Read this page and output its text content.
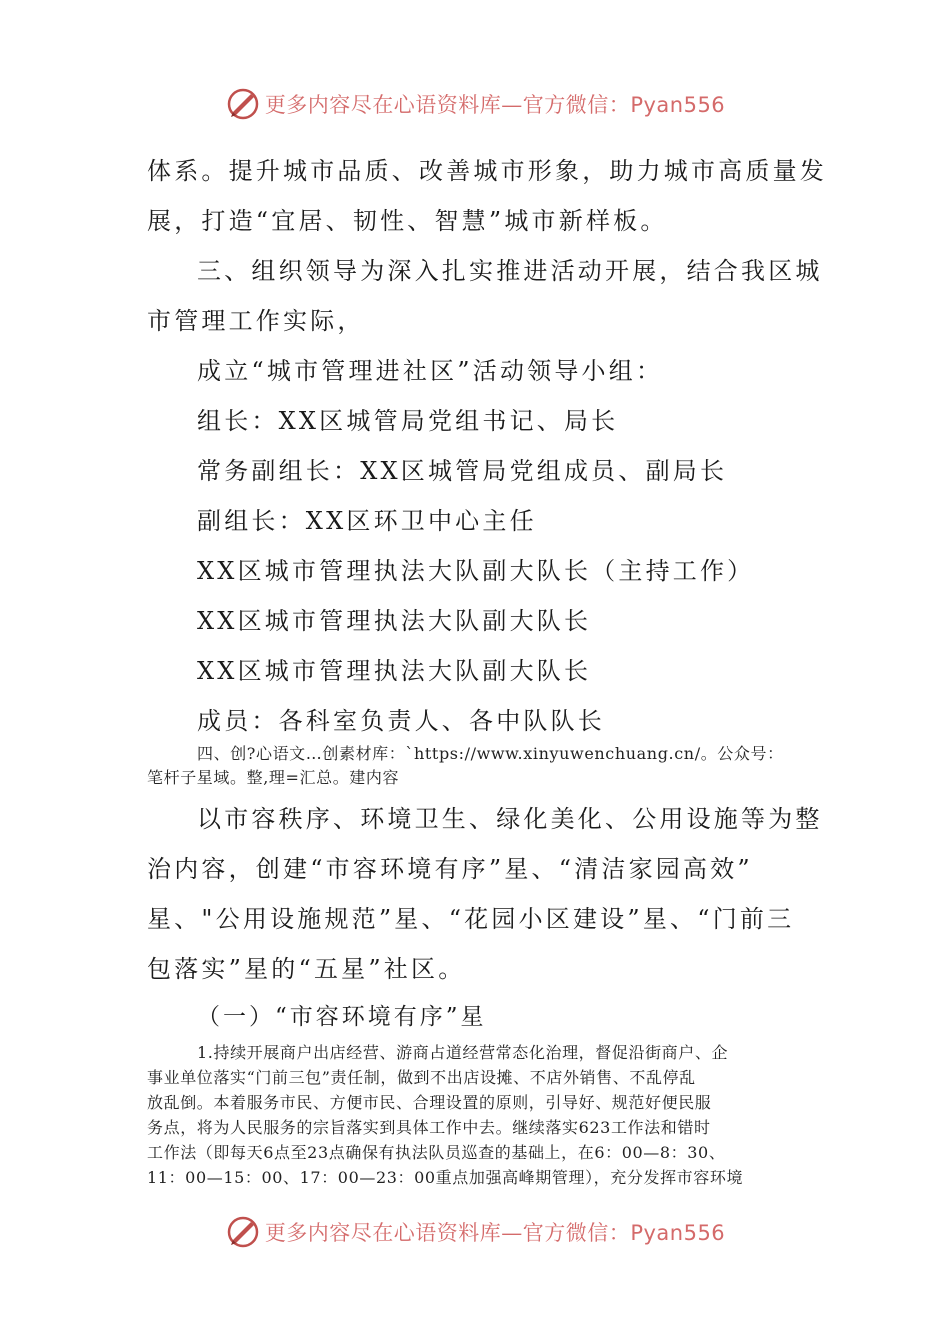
更多内容尽在心语资料库—官方微信：Pyan556
体系。提升城市品质、改善城市形象，助力城市高质量发
展，打造“宜居、韧性、智慧”城市新样板。
三、组织领导为深入扎实推进活动开展，结合我区城
市管理工作实际，
成立“城市管理进社区”活动领导小组：
组长：XX区城管局党组书记、局长
常务副组长：XX区城管局党组成员、副局长
副组长：XX区环卫中心主任
XX区城市管理执法大队副大队长（主持工作）
XX区城市管理执法大队副大队长
XX区城市管理执法大队副大队长
成员：各科室负责人、各中队队长
四、创?心语文…创素材库：`https://www.xinyuwenchuang.cn/。公众号：
笔杆子星域。整,理=汇总。建内容
以市容秩序、环境卫生、绿化美化、公用设施等为整
治内容，创建“市容环境有序”星、“清洁家园高效”
星、"公用设施规范”星、“花园小区建设”星、“门前三
包落实”星的“五星”社区。
（一）“市容环境有序”星
1.持续开展商户出店经营、游商占道经营常态化治理，督促沿街商户、企
事业单位落实“门前三包”责任制，做到不出店设摊、不店外销售、不乱停乱
放乱倒。本着服务市民、方便市民、合理设置的原则，引导好、规范好便民服
务点，将为人民服务的宗旨落实到具体工作中去。继续落实623工作法和错时
工作法（即每天6点至23点确保有执法队员巡查的基础上，在6：00—8：30、
11：00—15：00、17：00—23：00重点加强高峰期管理），充分发挥市容环境
更多内容尽在心语资料库—官方微信：Pyan556
